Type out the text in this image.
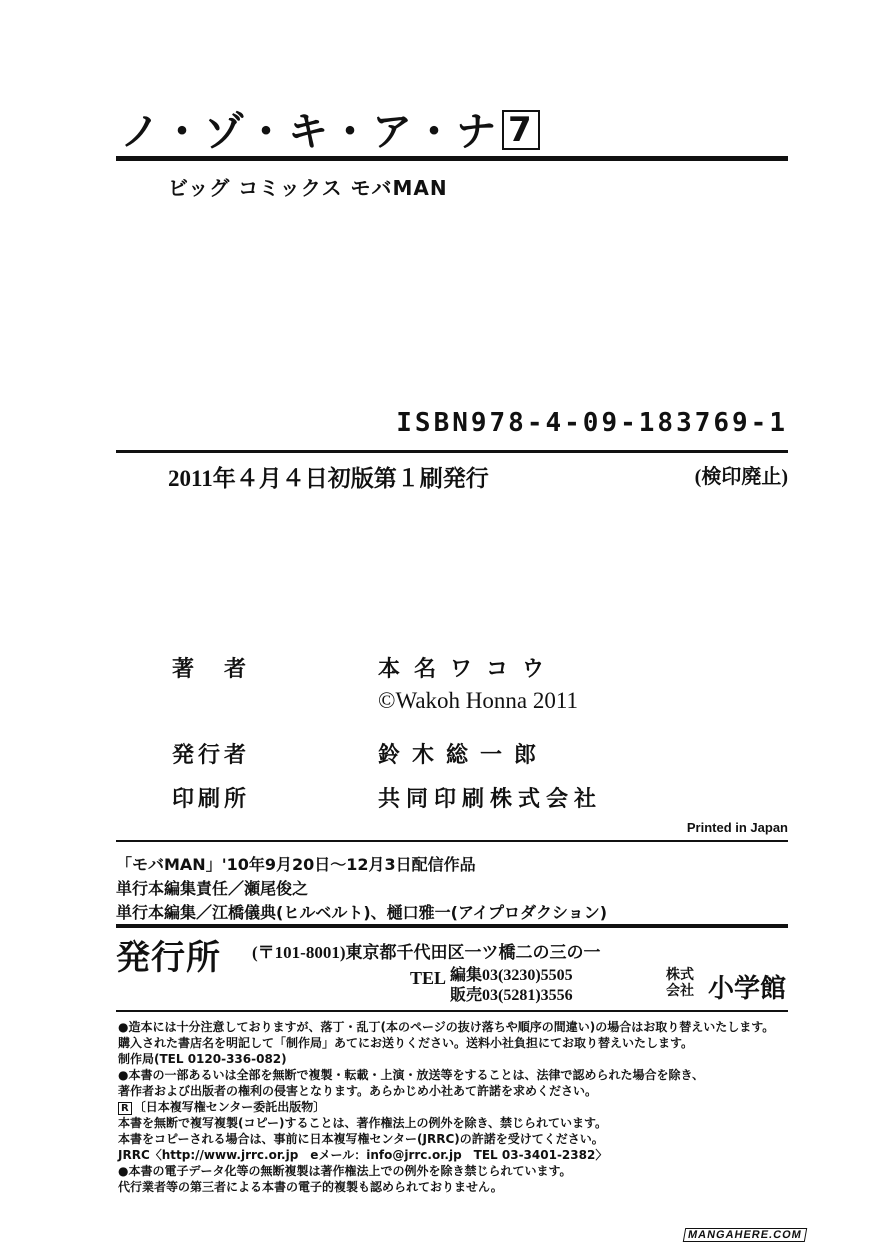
ノ・ゾ・キ・ア・ナ 7
ビッグ コミックス モバMAN
ISBN978-4-09-183769-1
2011年４月４日初版第１刷発行	(検印廃止)
著　者	本名ワコウ
©Wakoh Honna 2011
発行者	鈴木総一郎
印刷所	共同印刷株式会社
Printed in Japan
「モバMAN」'10年9月20日～12月3日配信作品
単行本編集責任／瀬尾俊之
単行本編集／江橋儀典(ヒルベルト)、樋口雅一(アイプロダクション)
発行所 (〒101-8001)東京都千代田区一ツ橋二の三の一
TEL 編集03(3230)5505
販売03(5281)3556
株式
会社 小学館
●造本には十分注意しておりますが、落丁・乱丁(本のページの抜け落ちや順序の間違い)の場合はお取り替えいたします。
購入された書店名を明記して「制作局」あてにお送りください。送料小社負担にてお取り替えいたします。
制作局(TEL 0120-336-082)
●本書の一部あるいは全部を無断で複製・転載・上演・放送等をすることは、法律で認められた場合を除き、
著作者および出版者の権利の侵害となります。あらかじめ小社あて許諾を求めください。
R 〔日本複写権センター委託出版物〕
本書を無断で複写複製(コピー)することは、著作権法上の例外を除き、禁じられています。
本書をコピーされる場合は、事前に日本複写権センター(JRRC)の許諾を受けてください。
JRRC〈http://www.jrrc.or.jp　eメール：info@jrrc.or.jp　TEL 03-3401-2382〉
●本書の電子データ化等の無断複製は著作権法上での例外を除き禁じられています。
代行業者等の第三者による本書の電子的複製も認められておりません。
MANGAHERE.COM
